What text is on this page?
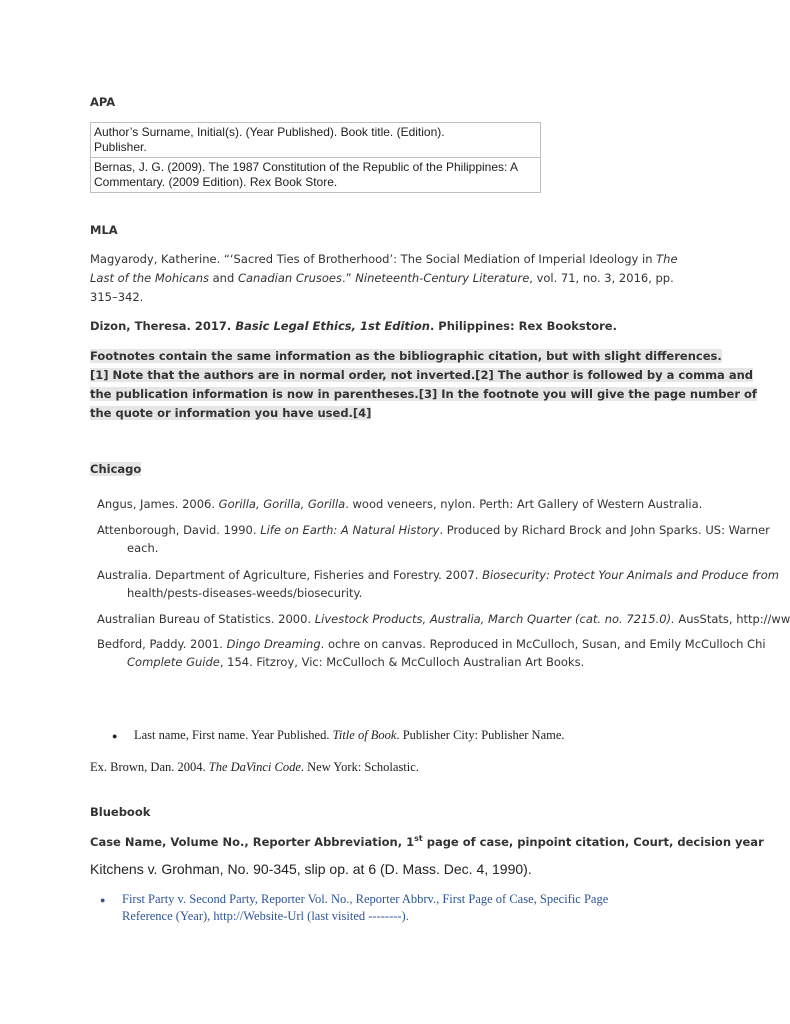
APA
Author’s Surname, Initial(s). (Year Published). Book title. (Edition).
Publisher.

Bernas, J. G. (2009). The 1987 Constitution of the Republic of the Philippines: A
Commentary. (2009 Edition). Rex Book Store.
MLA
Magyarody, Katherine. “‘Sacred Ties of Brotherhood’: The Social Mediation of Imperial Ideology in The
Last of the Mohicans and Canadian Crusoes.” Nineteenth-Century Literature, vol. 71, no. 3, 2016, pp.
315–342.
Dizon, Theresa. 2017. Basic Legal Ethics, 1st Edition. Philippines: Rex Bookstore.
Footnotes contain the same information as the bibliographic citation, but with slight differences.
[1] Note that the authors are in normal order, not inverted.[2] The author is followed by a comma and
the publication information is now in parentheses.[3] In the footnote you will give the page number of
the quote or information you have used.[4]
Chicago
Angus, James. 2006. Gorilla, Gorilla, Gorilla. wood veneers, nylon. Perth: Art Gallery of Western Australia.
Attenborough, David. 1990. Life on Earth: A Natural History. Produced by Richard Brock and John Sparks. US: Warner
each.
Australia. Department of Agriculture, Fisheries and Forestry. 2007. Biosecurity: Protect Your Animals and Produce from
health/pests-diseases-weeds/biosecurity.
Australian Bureau of Statistics. 2000. Livestock Products, Australia, March Quarter (cat. no. 7215.0). AusStats, http://ww
Bedford, Paddy. 2001. Dingo Dreaming. ochre on canvas. Reproduced in McCulloch, Susan, and Emily McCulloch Chi
Complete Guide, 154. Fitzroy, Vic: McCulloch & McCulloch Australian Art Books.
● Last name, First name. Year Published. Title of Book. Publisher City: Publisher Name.
Ex. Brown, Dan. 2004. The DaVinci Code. New York: Scholastic.
Bluebook
Case Name, Volume No., Reporter Abbreviation, 1st page of case, pinpoint citation, Court, decision year
Kitchens v. Grohman, No. 90-345, slip op. at 6 (D. Mass. Dec. 4, 1990).
● First Party v. Second Party, Reporter Vol. No., Reporter Abbrv., First Page of Case, Specific Page
Reference (Year), http://Website-Url (last visited --------).
